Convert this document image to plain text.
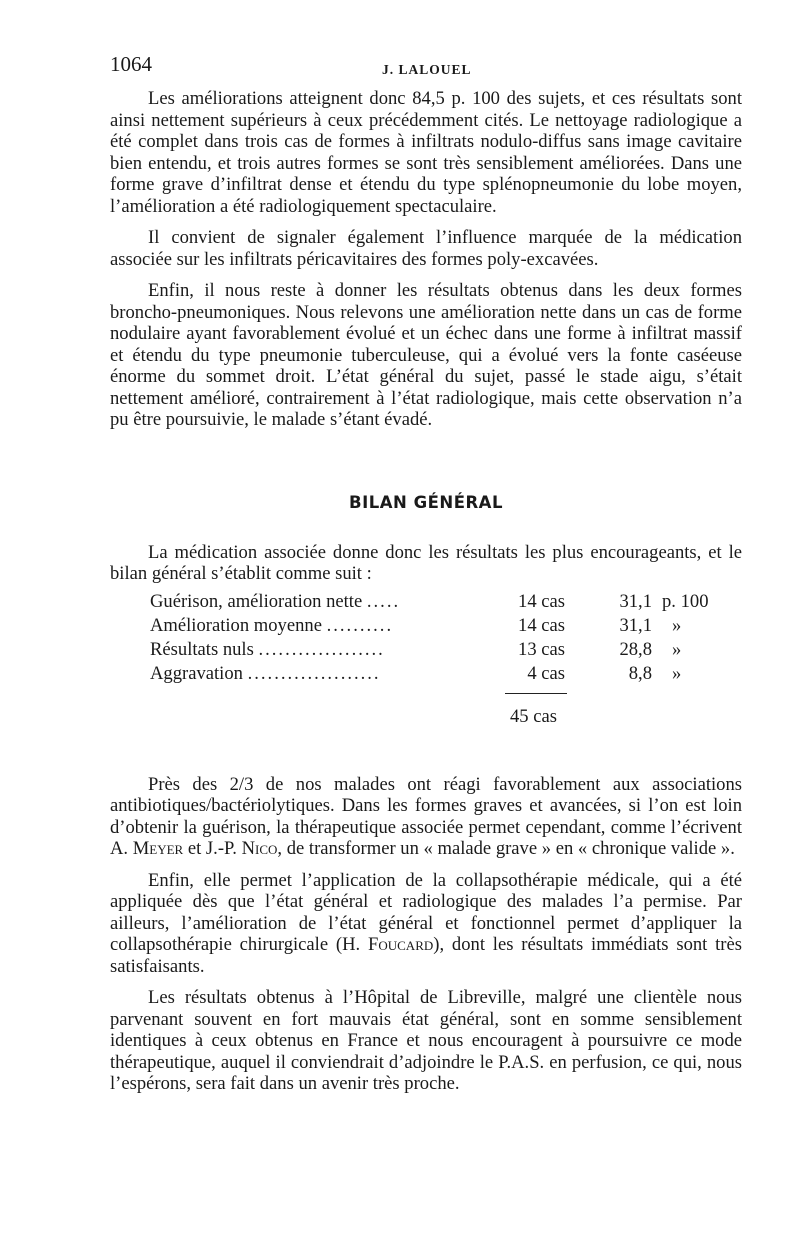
1064	J. LALOUEL

Les améliorations atteignent donc 84,5 p. 100 des sujets, et ces résultats sont ainsi nettement supérieurs à ceux précédemment cités. Le nettoyage radiologique a été complet dans trois cas de formes à infiltrats nodulo-diffus sans image cavitaire bien entendu, et trois autres formes se sont très sensiblement améliorées. Dans une forme grave d’infiltrat dense et étendu du type splénopneumonie du lobe moyen, l’amélioration a été radiologiquement spectaculaire.

Il convient de signaler également l’influence marquée de la médication associée sur les infiltrats péricavitaires des formes poly-excavées.

Enfin, il nous reste à donner les résultats obtenus dans les deux formes broncho-pneumoniques. Nous relevons une amélioration nette dans un cas de forme nodulaire ayant favorablement évolué et un échec dans une forme à infiltrat massif et étendu du type pneumonie tuberculeuse, qui a évolué vers la fonte caséeuse énorme du sommet droit. L’état général du sujet, passé le stade aigu, s’était nettement amélioré, contrairement à l’état radiologique, mais cette observation n’a pu être poursuivie, le malade s’étant évadé.

BILAN GÉNÉRAL

La médication associée donne donc les résultats les plus encourageants, et le bilan général s’établit comme suit :

Guérison, amélioration nette .....	14 cas	31,1 p. 100
Amélioration moyenne ..........	14 cas	31,1 »
Résultats nuls ...................	13 cas	28,8 »
Aggravation ....................	4 cas	8,8 »
45 cas

Près des 2/3 de nos malades ont réagi favorablement aux associations antibiotiques/bactériolytiques. Dans les formes graves et avancées, si l’on est loin d’obtenir la guérison, la thérapeutique associée permet cependant, comme l’écrivent A. Meyer et J.-P. Nico, de transformer un « malade grave » en « chronique valide ».

Enfin, elle permet l’application de la collapsothérapie médicale, qui a été appliquée dès que l’état général et radiologique des malades l’a permise. Par ailleurs, l’amélioration de l’état général et fonctionnel permet d’appliquer la collapsothérapie chirurgicale (H. Foucard), dont les résultats immédiats sont très satisfaisants.

Les résultats obtenus à l’Hôpital de Libreville, malgré une clientèle nous parvenant souvent en fort mauvais état général, sont en somme sensiblement identiques à ceux obtenus en France et nous encouragent à poursuivre ce mode thérapeutique, auquel il conviendrait d’adjoindre le P.A.S. en perfusion, ce qui, nous l’espérons, sera fait dans un avenir très proche.
